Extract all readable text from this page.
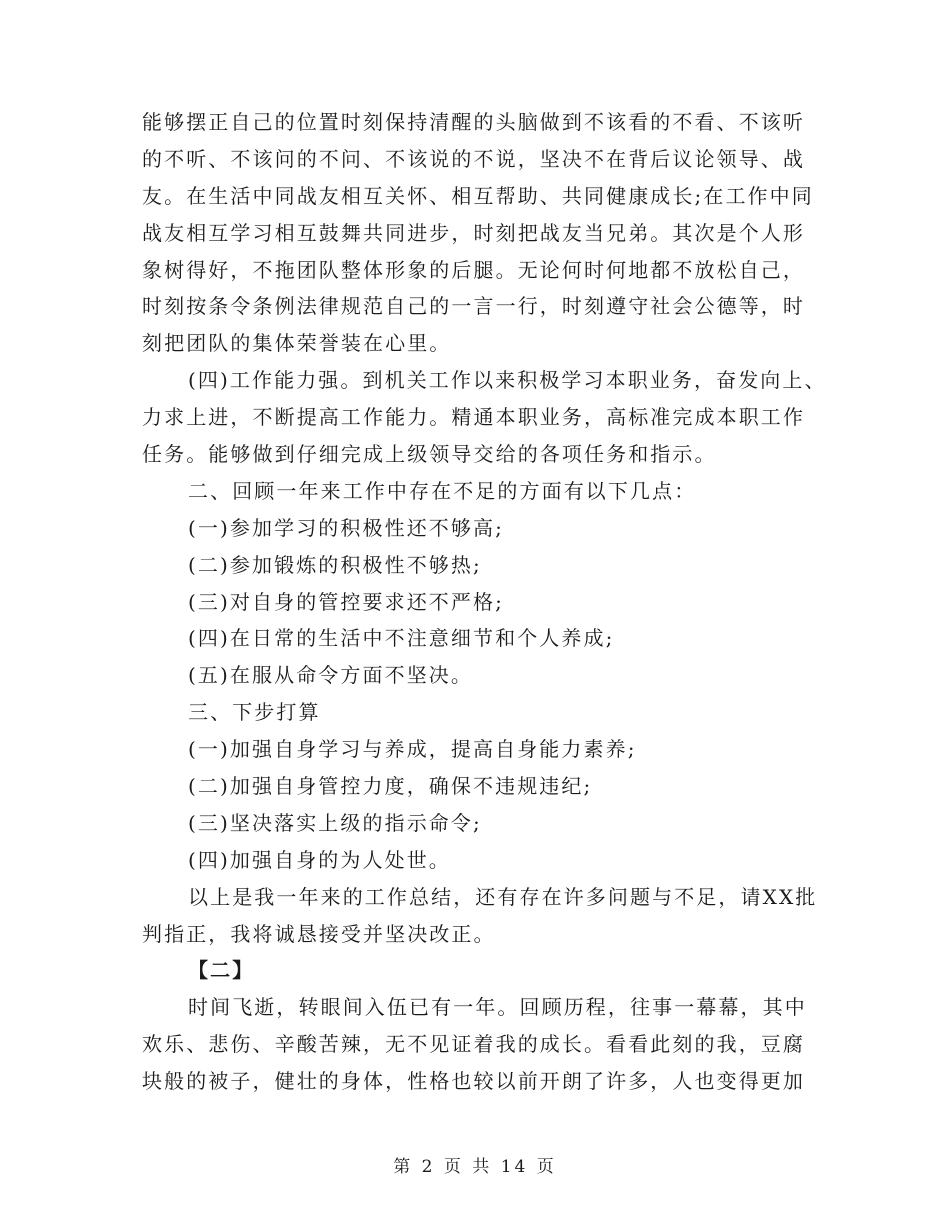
能够摆正自己的位置时刻保持清醒的头脑做到不该看的不看、不该听
的不听、不该问的不问、不该说的不说，坚决不在背后议论领导、战
友。在生活中同战友相互关怀、相互帮助、共同健康成长;在工作中同
战友相互学习相互鼓舞共同进步，时刻把战友当兄弟。其次是个人形
象树得好，不拖团队整体形象的后腿。无论何时何地都不放松自己，
时刻按条令条例法律规范自己的一言一行，时刻遵守社会公德等，时
刻把团队的集体荣誉装在心里。
(四)工作能力强。到机关工作以来积极学习本职业务，奋发向上、
力求上进，不断提高工作能力。精通本职业务，高标准完成本职工作
任务。能够做到仔细完成上级领导交给的各项任务和指示。
二、回顾一年来工作中存在不足的方面有以下几点：
(一)参加学习的积极性还不够高;
(二)参加锻炼的积极性不够热;
(三)对自身的管控要求还不严格;
(四)在日常的生活中不注意细节和个人养成;
(五)在服从命令方面不坚决。
三、下步打算
(一)加强自身学习与养成，提高自身能力素养;
(二)加强自身管控力度，确保不违规违纪;
(三)坚决落实上级的指示命令;
(四)加强自身的为人处世。
以上是我一年来的工作总结，还有存在许多问题与不足，请XX批
判指正，我将诚恳接受并坚决改正。
【二】
时间飞逝，转眼间入伍已有一年。回顾历程，往事一幕幕，其中
欢乐、悲伤、辛酸苦辣，无不见证着我的成长。看看此刻的我，豆腐
块般的被子，健壮的身体，性格也较以前开朗了许多，人也变得更加
第 2 页 共 14 页
